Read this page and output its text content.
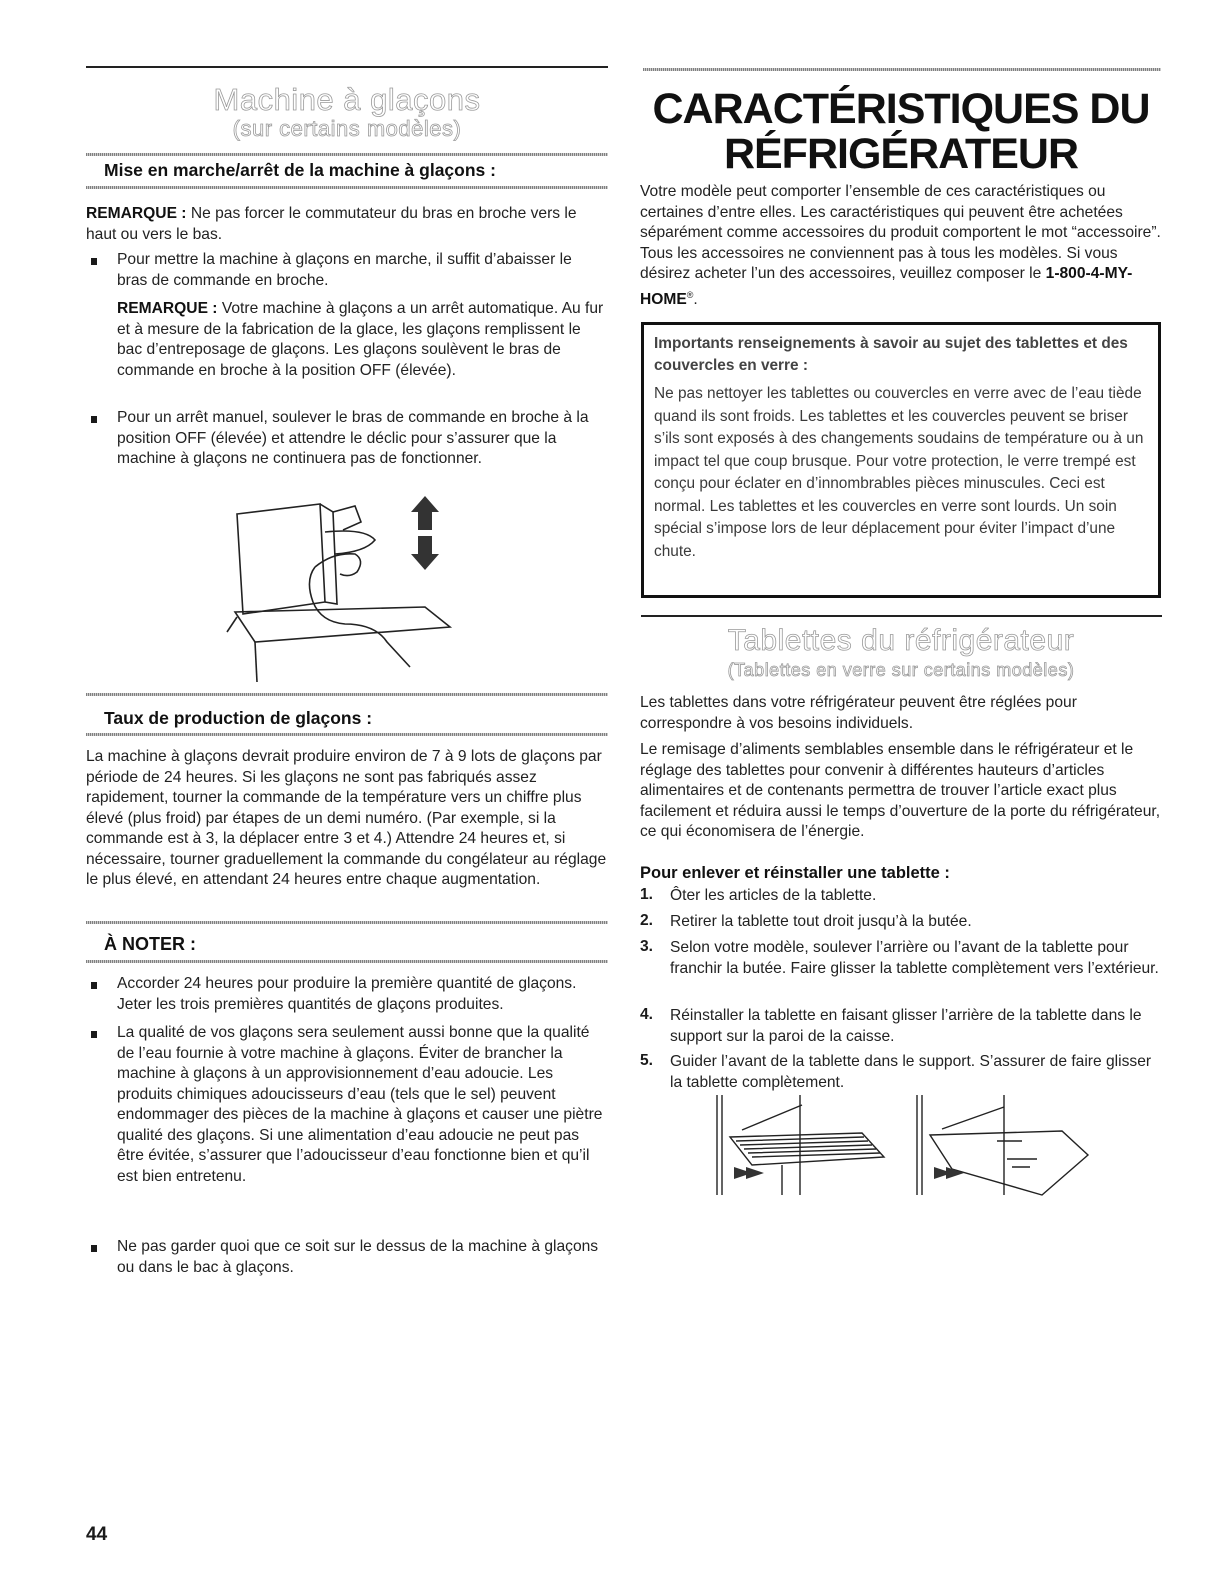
Machine à glaçons
(sur certains modèles)
Mise en marche/arrêt de la machine à glaçons :

REMARQUE : Ne pas forcer le commutateur du bras en broche vers le haut ou vers le bas.

Pour mettre la machine à glaçons en marche, il suffit d’abaisser le bras de commande en broche.

REMARQUE : Votre machine à glaçons a un arrêt automatique. Au fur et à mesure de la fabrication de la glace, les glaçons remplissent le bac d’entreposage de glaçons. Les glaçons soulèvent le bras de commande en broche à la position OFF (élevée).

Pour un arrêt manuel, soulever le bras de commande en broche à la position OFF (élevée) et attendre le déclic pour s’assurer que la machine à glaçons ne continuera pas de fonctionner.

Taux de production de glaçons :

La machine à glaçons devrait produire environ de 7 à 9 lots de glaçons par période de 24 heures. Si les glaçons ne sont pas fabriqués assez rapidement, tourner la commande de la température vers un chiffre plus élevé (plus froid) par étapes de un demi numéro. (Par exemple, si la commande est à 3, la déplacer entre 3 et 4.) Attendre 24 heures et, si nécessaire, tourner graduellement la commande du congélateur au réglage le plus élevé, en attendant 24 heures entre chaque augmentation.

À NOTER :

Accorder 24 heures pour produire la première quantité de glaçons. Jeter les trois premières quantités de glaçons produites.

La qualité de vos glaçons sera seulement aussi bonne que la qualité de l’eau fournie à votre machine à glaçons. Éviter de brancher la machine à glaçons à un approvisionnement d’eau adoucie. Les produits chimiques adoucisseurs d’eau (tels que le sel) peuvent endommager des pièces de la machine à glaçons et causer une piètre qualité des glaçons. Si une alimentation d’eau adoucie ne peut pas être évitée, s’assurer que l’adoucisseur d’eau fonctionne bien et qu’il est bien entretenu.

Ne pas garder quoi que ce soit sur le dessus de la machine à glaçons ou dans le bac à glaçons.

44
CARACTÉRISTIQUES DU
RÉFRIGÉRATEUR

Votre modèle peut comporter l’ensemble de ces caractéristiques ou certaines d’entre elles. Les caractéristiques qui peuvent être achetées séparément comme accessoires du produit comportent le mot “accessoire”. Tous les accessoires ne conviennent pas à tous les modèles. Si vous désirez acheter l’un des accessoires, veuillez composer le 1-800-4-MY-HOME®.

Importants renseignements à savoir au sujet des tablettes et des couvercles en verre :

Ne pas nettoyer les tablettes ou couvercles en verre avec de l’eau tiède quand ils sont froids. Les tablettes et les couvercles peuvent se briser s’ils sont exposés à des changements soudains de température ou à un impact tel que coup brusque. Pour votre protection, le verre trempé est conçu pour éclater en d’innombrables pièces minuscules. Ceci est normal. Les tablettes et les couvercles en verre sont lourds. Un soin spécial s’impose lors de leur déplacement pour éviter l’impact d’une chute.

Tablettes du réfrigérateur
(Tablettes en verre sur certains modèles)

Les tablettes dans votre réfrigérateur peuvent être réglées pour correspondre à vos besoins individuels.

Le remisage d’aliments semblables ensemble dans le réfrigérateur et le réglage des tablettes pour convenir à différentes hauteurs d’articles alimentaires et de contenants permettra de trouver l’article exact plus facilement et réduira aussi le temps d’ouverture de la porte du réfrigérateur, ce qui économisera de l’énergie.

Pour enlever et réinstaller une tablette :
1. Ôter les articles de la tablette.

2. Retirer la tablette tout droit jusqu’à la butée.

3. Selon votre modèle, soulever l’arrière ou l’avant de la tablette pour franchir la butée. Faire glisser la tablette complètement vers l’extérieur.

4. Réinstaller la tablette en faisant glisser l’arrière de la tablette dans le support sur la paroi de la caisse.

5. Guider l’avant de la tablette dans le support. S’assurer de faire glisser la tablette complètement.
